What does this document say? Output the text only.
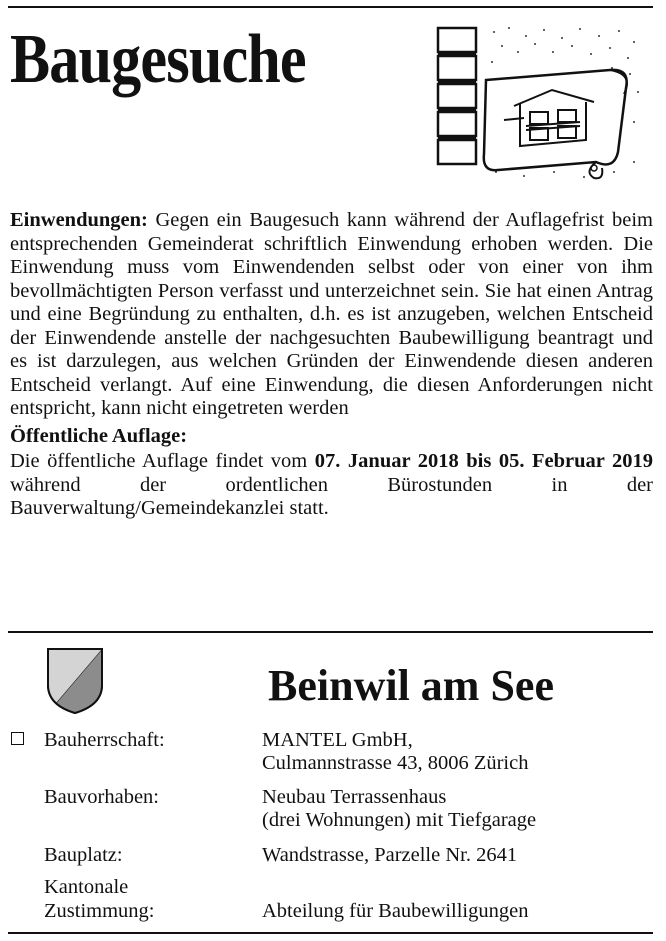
Baugesuche

Einwendungen: Gegen ein Baugesuch kann während der Auflagefrist beim entsprechenden Gemeinderat schriftlich Einwendung erhoben werden. Die Einwendung muss vom Einwendenden selbst oder von einer von ihm bevollmächtigten Person verfasst und unterzeichnet sein. Sie hat einen Antrag und eine Begründung zu enthalten, d.h. es ist anzugeben, welchen Entscheid der Einwendende anstelle der nachgesuchten Baubewilligung beantragt und es ist darzulegen, aus welchen Gründen der Einwendende diesen anderen Entscheid verlangt. Auf eine Einwendung, die diesen Anforderungen nicht entspricht, kann nicht eingetreten werden

Öffentliche Auflage:

Die öffentliche Auflage findet vom 07. Januar 2018 bis 05. Februar 2019 während der ordentlichen Bürostunden in der Bauverwaltung/Gemeindekanzlei statt.

Beinwil am See
Bauherrschaft:	MANTEL GmbH,
Culmannstrasse 43, 8006 Zürich
Bauvorhaben:	Neubau Terrassenhaus
(drei Wohnungen) mit Tiefgarage
Bauplatz:	Wandstrasse, Parzelle Nr. 2641
Kantonale
Zustimmung:	Abteilung für Baubewilligungen
